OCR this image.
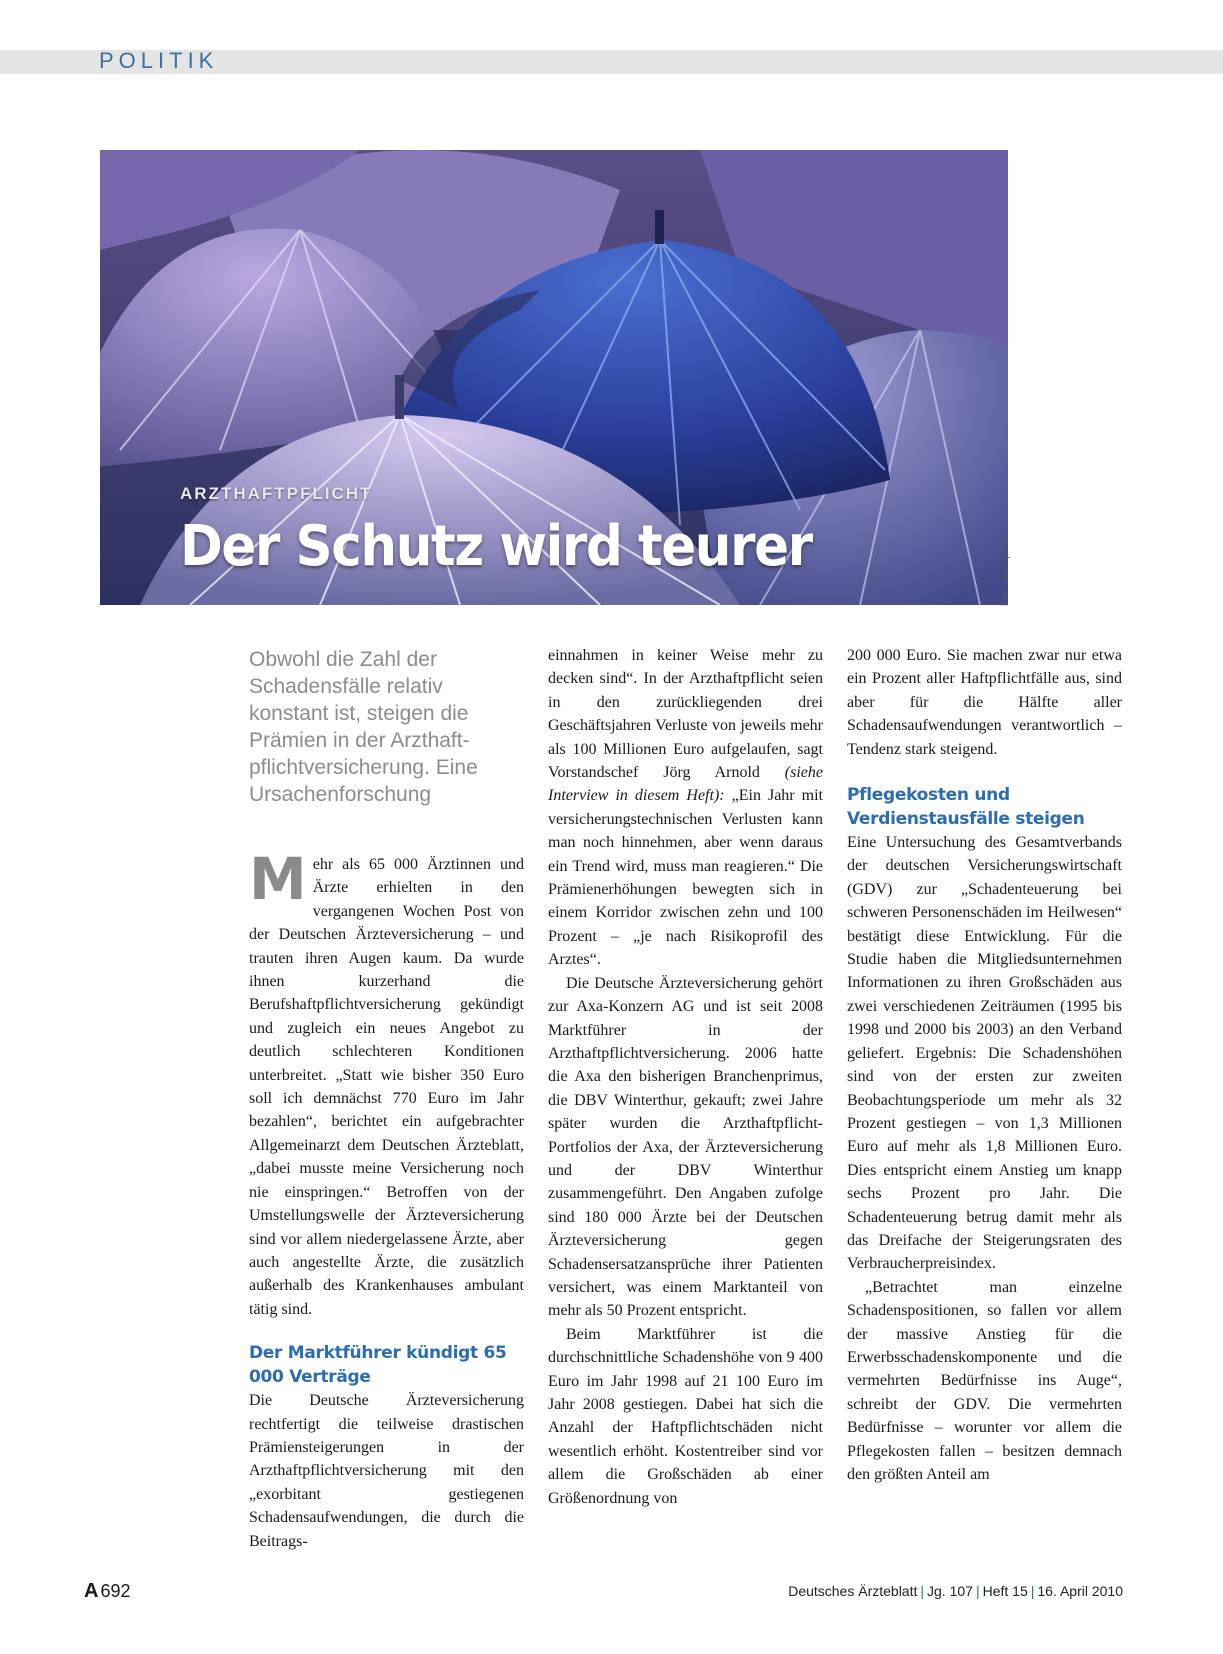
POLITIK
ARZTHAFTPFLICHT
Der Schutz wird teurer	Foto: iStockphoto
Obwohl die Zahl der Schadensfälle relativ konstant ist, steigen die Prämien in der Arzthaft-pflichtversicherung. Eine Ursachenforschung

Mehr als 65 000 Ärztinnen und Ärzte erhielten in den vergangenen Wochen Post von der Deutschen Ärzteversicherung – und trauten ihren Augen kaum. Da wurde ihnen kurzerhand die Berufshaftpflichtversicherung gekündigt und zugleich ein neues Angebot zu deutlich schlechteren Konditionen unterbreitet. „Statt wie bisher 350 Euro soll ich demnächst 770 Euro im Jahr bezahlen“, berichtet ein aufgebrachter Allgemeinarzt dem Deutschen Ärzteblatt, „dabei musste meine Versicherung noch nie einspringen.“ Betroffen von der Umstellungswelle der Ärzteversicherung sind vor allem niedergelassene Ärzte, aber auch angestellte Ärzte, die zusätzlich außerhalb des Krankenhauses ambulant tätig sind.

Der Marktführer kündigt 65 000 Verträge

Die Deutsche Ärzteversicherung rechtfertigt die teilweise drastischen Prämiensteigerungen in der Arzthaftpflichtversicherung mit den „exorbitant gestiegenen Schadensaufwendungen, die durch die Beitrags-

einnahmen in keiner Weise mehr zu decken sind“. In der Arzthaftpflicht seien in den zurückliegenden drei Geschäftsjahren Verluste von jeweils mehr als 100 Millionen Euro aufgelaufen, sagt Vorstandschef Jörg Arnold (siehe Interview in diesem Heft): „Ein Jahr mit versicherungstechnischen Verlusten kann man noch hinnehmen, aber wenn daraus ein Trend wird, muss man reagieren.“ Die Prämienerhöhungen bewegten sich in einem Korridor zwischen zehn und 100 Prozent – „je nach Risikoprofil des Arztes“.

Die Deutsche Ärzteversicherung gehört zur Axa-Konzern AG und ist seit 2008 Marktführer in der Arzthaftpflichtversicherung. 2006 hatte die Axa den bisherigen Branchenprimus, die DBV Winterthur, gekauft; zwei Jahre später wurden die Arzthaftpflicht-Portfolios der Axa, der Ärzteversicherung und der DBV Winterthur zusammengeführt. Den Angaben zufolge sind 180 000 Ärzte bei der Deutschen Ärzteversicherung gegen Schadensersatzansprüche ihrer Patienten versichert, was einem Marktanteil von mehr als 50 Prozent entspricht.

Beim Marktführer ist die durchschnittliche Schadenshöhe von 9 400 Euro im Jahr 1998 auf 21 100 Euro im Jahr 2008 gestiegen. Dabei hat sich die Anzahl der Haftpflichtschäden nicht wesentlich erhöht. Kostentreiber sind vor allem die Großschäden ab einer Größenordnung von

200 000 Euro. Sie machen zwar nur etwa ein Prozent aller Haftpflichtfälle aus, sind aber für die Hälfte aller Schadensaufwendungen verantwortlich – Tendenz stark steigend.

Pflegekosten und Verdienstausfälle steigen

Eine Untersuchung des Gesamtverbands der deutschen Versicherungswirtschaft (GDV) zur „Schadenteuerung bei schweren Personenschäden im Heilwesen“ bestätigt diese Entwicklung. Für die Studie haben die Mitgliedsunternehmen Informationen zu ihren Großschäden aus zwei verschiedenen Zeiträumen (1995 bis 1998 und 2000 bis 2003) an den Verband geliefert. Ergebnis: Die Schadenshöhen sind von der ersten zur zweiten Beobachtungsperiode um mehr als 32 Prozent gestiegen – von 1,3 Millionen Euro auf mehr als 1,8 Millionen Euro. Dies entspricht einem Anstieg um knapp sechs Prozent pro Jahr. Die Schadenteuerung betrug damit mehr als das Dreifache der Steigerungsraten des Verbraucherpreisindex.

„Betrachtet man einzelne Schadenspositionen, so fallen vor allem der massive Anstieg für die Erwerbsschadenskomponente und die vermehrten Bedürfnisse ins Auge“, schreibt der GDV. Die vermehrten Bedürfnisse – worunter vor allem die Pflegekosten fallen – besitzen demnach den größten Anteil am

A 692	Deutsches Ärzteblatt | Jg. 107 | Heft 15 | 16. April 2010
